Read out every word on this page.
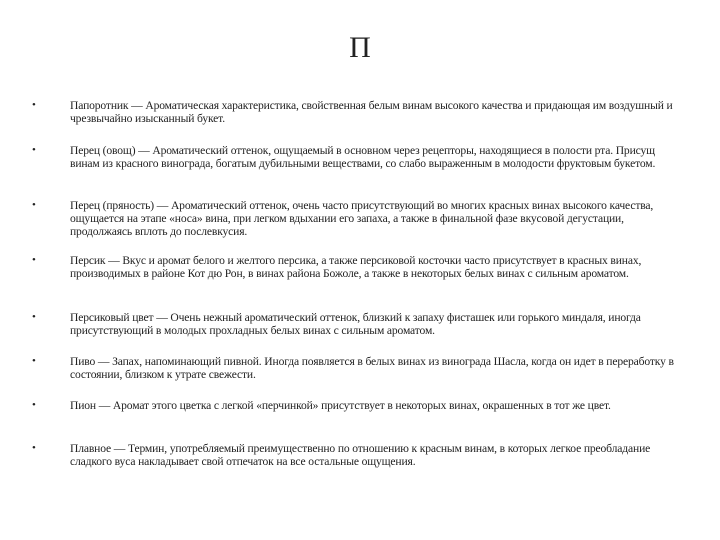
П
•	Папоротник — Ароматическая характеристика, свойственная белым винам высокого качества и придающая им воздушный и чрезвычайно изысканный букет.
•	Перец (овощ) — Ароматический оттенок, ощущаемый в основном через рецепторы, находящиеся в полости рта. Присущ винам из красного винограда, богатым дубильными веществами, со слабо выраженным в молодости фруктовым букетом.
•	Перец (пряность) — Ароматический оттенок, очень часто присутствующий во многих красных винах высокого качества, ощущается на этапе «носа» вина, при легком вдыхании его запаха, а также в финальной фазе вкусовой дегустации, продолжаясь вплоть до послевкусия.
•	Персик — Вкус и аромат белого и желтого персика, а также персиковой косточки часто присутствует в красных винах, производимых в районе Кот дю Рон, в винах района Божоле, а также в некоторых белых винах с сильным ароматом.
•	Персиковый цвет — Очень нежный ароматический оттенок, близкий к запаху фисташек или горького миндаля, иногда присутствующий в молодых прохладных белых винах с сильным ароматом.
•	Пиво — Запах, напоминающий пивной. Иногда появляется в белых винах из винограда Шасла, когда он идет в переработку в состоянии, близком к утрате свежести.
•	Пион — Аромат этого цветка с легкой «перчинкой» присутствует в некоторых винах, окрашенных в тот же цвет.
•	Плавное — Термин, употребляемый преимущественно по отношению к красным винам, в которых легкое преобладание сладкого вуса накладывает свой отпечаток на все остальные ощущения.
